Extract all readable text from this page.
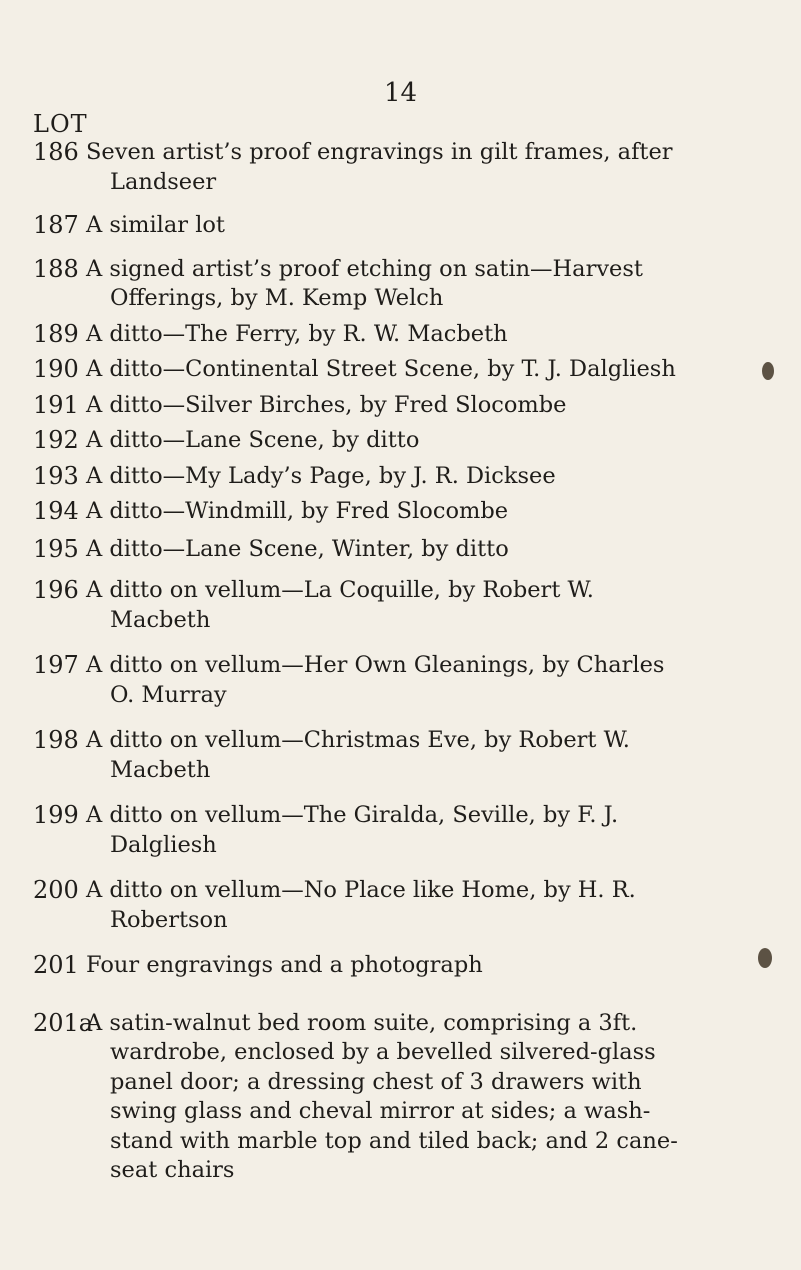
14
LOT
186 Seven artist’s proof engravings in gilt frames, after
Landseer
187 A similar lot
188 A signed artist’s proof etching on satin—Harvest
Offerings, by M. Kemp Welch
189 A ditto—The Ferry, by R. W. Macbeth
190 A ditto—Continental Street Scene, by T. J. Dalgliesh
191 A ditto—Silver Birches, by Fred Slocombe
192 A ditto—Lane Scene, by ditto
193 A ditto—My Lady’s Page, by J. R. Dicksee
194 A ditto—Windmill, by Fred Slocombe
195 A ditto—Lane Scene, Winter, by ditto
196 A ditto on vellum—La Coquille, by Robert W.
Macbeth
197 A ditto on vellum—Her Own Gleanings, by Charles
O. Murray
198 A ditto on vellum—Christmas Eve, by Robert W.
Macbeth
199 A ditto on vellum—The Giralda, Seville, by F. J.
Dalgliesh
200 A ditto on vellum—No Place like Home, by H. R.
Robertson
201 Four engravings and a photograph
201a
A satin-walnut bed room suite, comprising a 3ft.
wardrobe, enclosed by a bevelled silvered-glass
panel door; a dressing chest of 3 drawers with
swing glass and cheval mirror at sides; a wash-
stand with marble top and tiled back; and 2 cane-
seat chairs
